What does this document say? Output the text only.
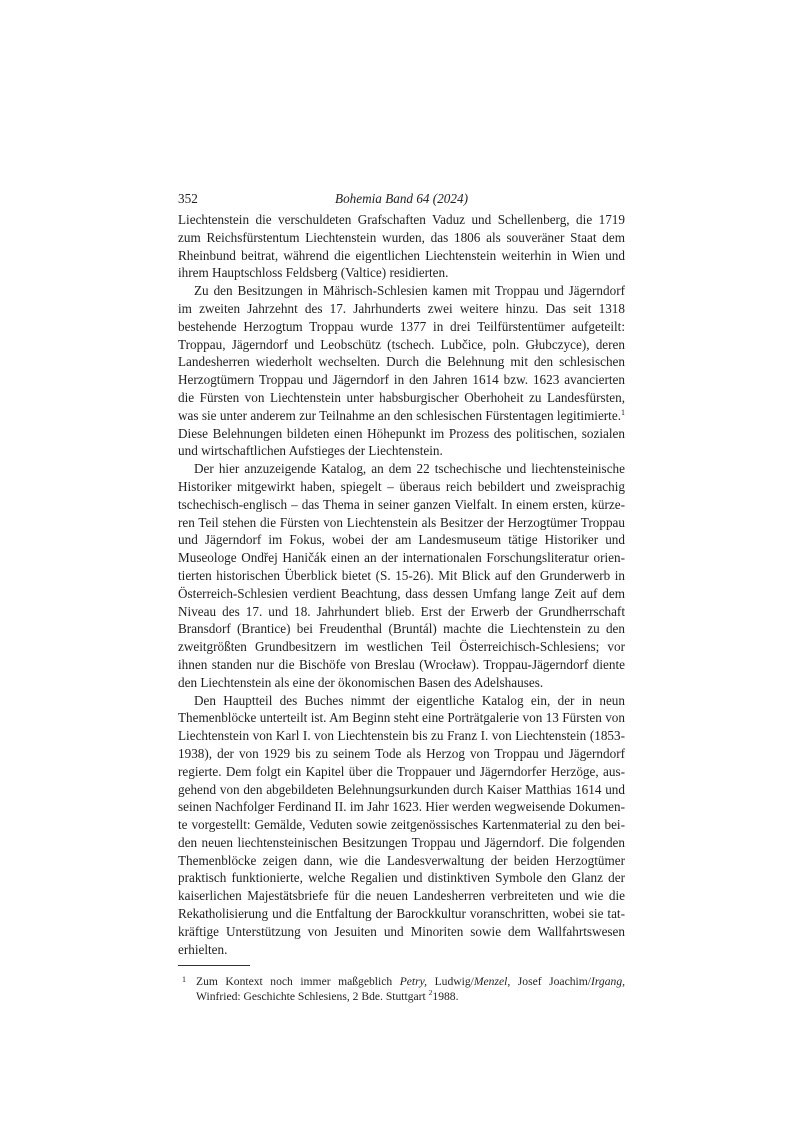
352	Bohemia Band 64 (2024)

Liechtenstein die verschuldeten Grafschaften Vaduz und Schellenberg, die 1719 zum Reichsfürstentum Liechtenstein wurden, das 1806 als souveräner Staat dem Rheinbund beitrat, während die eigentlichen Liechtenstein weiterhin in Wien und ihrem Hauptschloss Feldsberg (Valtice) residierten.

Zu den Besitzungen in Mährisch-Schlesien kamen mit Troppau und Jägerndorf im zweiten Jahrzehnt des 17. Jahrhunderts zwei weitere hinzu. Das seit 1318 bestehende Herzogtum Troppau wurde 1377 in drei Teilfürstentümer aufgeteilt: Troppau, Jägerndorf und Leobschütz (tschech. Lubčice, poln. Głubczyce), deren Landesherren wiederholt wechselten. Durch die Belehnung mit den schlesischen Herzogtümern Troppau und Jägerndorf in den Jahren 1614 bzw. 1623 avancierten die Fürsten von Liechtenstein unter habsburgischer Oberhoheit zu Landesfürsten, was sie unter anderem zur Teilnahme an den schlesischen Fürstentagen legitimierte.$^1$ Diese Belehnungen bildeten einen Höhepunkt im Prozess des politischen, sozialen und wirtschaftlichen Aufstieges der Liechtenstein.

Der hier anzuzeigende Katalog, an dem 22 tschechische und liechtensteinische Historiker mitgewirkt haben, spiegelt – überaus reich bebildert und zweisprachig tschechisch-englisch – das Thema in seiner ganzen Vielfalt. In einem ersten, kürzeren Teil stehen die Fürsten von Liechtenstein als Besitzer der Herzogtümer Troppau und Jägerndorf im Fokus, wobei der am Landesmuseum tätige Historiker und Museologe Ondřej Haničák einen an der internationalen Forschungsliteratur orientierten historischen Überblick bietet (S. 15-26). Mit Blick auf den Grunderwerb in Österreich-Schlesien verdient Beachtung, dass dessen Umfang lange Zeit auf dem Niveau des 17. und 18. Jahrhundert blieb. Erst der Erwerb der Grundherrschaft Bransdorf (Brantice) bei Freudenthal (Bruntál) machte die Liechtenstein zu den zweitgrößten Grundbesitzern im westlichen Teil Österreichisch-Schlesiens; vor ihnen standen nur die Bischöfe von Breslau (Wrocław). Troppau-Jägerndorf diente den Liechtenstein als eine der ökonomischen Basen des Adelshauses.

Den Hauptteil des Buches nimmt der eigentliche Katalog ein, der in neun Themenblöcke unterteilt ist. Am Beginn steht eine Porträtgalerie von 13 Fürsten von Liechtenstein von Karl I. von Liechtenstein bis zu Franz I. von Liechtenstein (1853-1938), der von 1929 bis zu seinem Tode als Herzog von Troppau und Jägerndorf regierte. Dem folgt ein Kapitel über die Troppauer und Jägerndorfer Herzöge, ausgehend von den abgebildeten Belehnungsurkunden durch Kaiser Matthias 1614 und seinen Nachfolger Ferdinand II. im Jahr 1623. Hier werden wegweisende Dokumente vorgestellt: Gemälde, Veduten sowie zeitgenössisches Kartenmaterial zu den beiden neuen liechtensteinischen Besitzungen Troppau und Jägerndorf. Die folgenden Themenblöcke zeigen dann, wie die Landesverwaltung der beiden Herzogtümer praktisch funktionierte, welche Regalien und distinktiven Symbole den Glanz der kaiserlichen Majestätsbriefe für die neuen Landesherren verbreiteten und wie die Rekatholisierung und die Entfaltung der Barockkultur voranschritten, wobei sie tatkräftige Unterstützung von Jesuiten und Minoriten sowie dem Wallfahrtswesen erhielten.

1 Zum Kontext noch immer maßgeblich Petry, Ludwig/Menzel, Josef Joachim/Irgang, Winfried: Geschichte Schlesiens, 2 Bde. Stuttgart $^2$1988.
